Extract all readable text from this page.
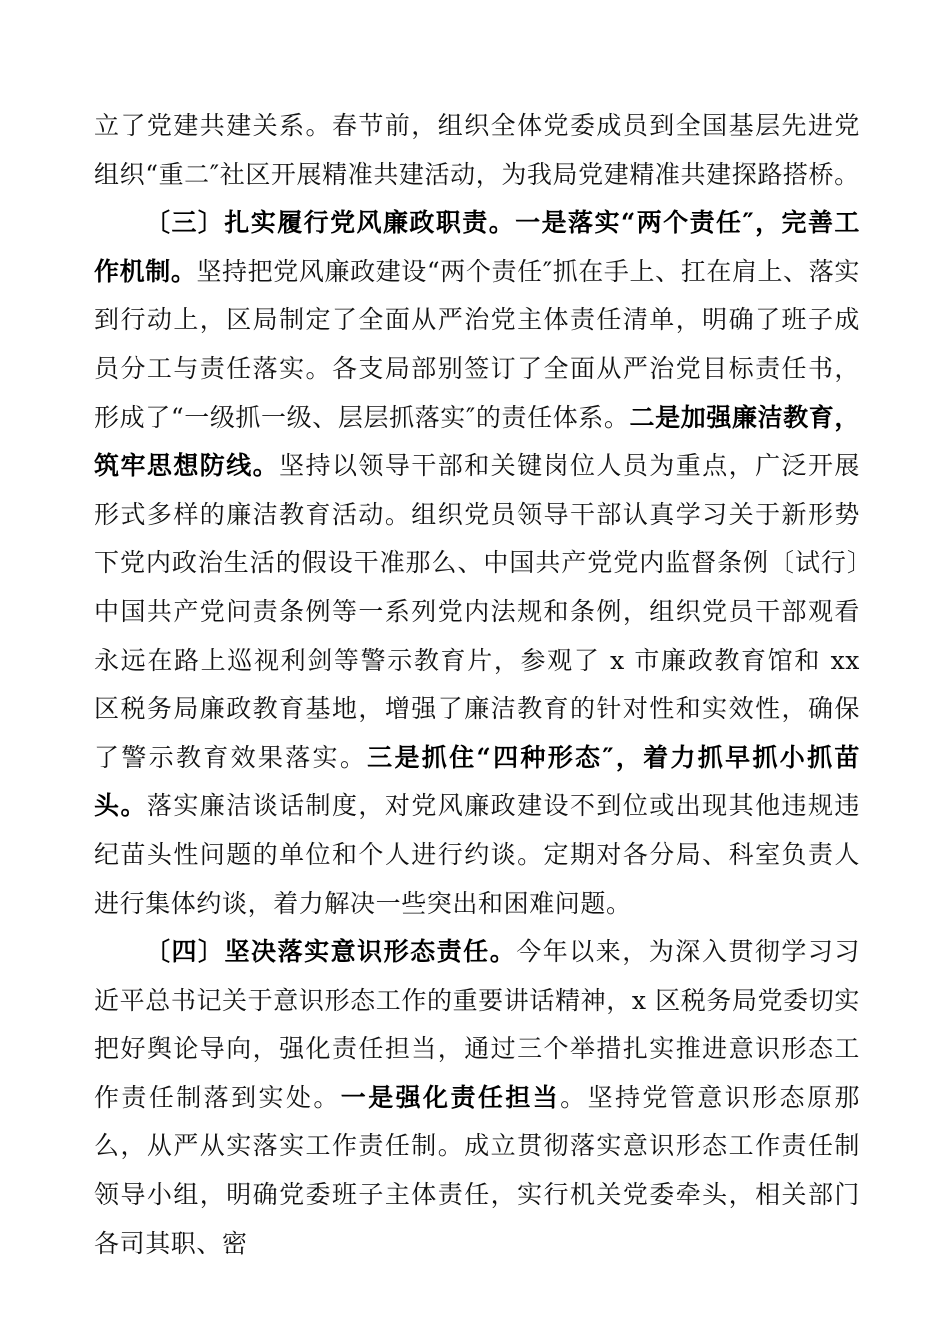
立了党建共建关系。春节前，组织全体党委成员到全国基层先进党组织“重二″社区开展精准共建活动，为我局党建精准共建探路搭桥。

〔三〕扎实履行党风廉政职责。一是落实“两个责任″，完善工作机制。坚持把党风廉政建设“两个责任″抓在手上、扛在肩上、落实到行动上，区局制定了全面从严治党主体责任清单，明确了班子成员分工与责任落实。各支局部别签订了全面从严治党目标责任书，形成了“一级抓一级、层层抓落实″的责任体系。二是加强廉洁教育，筑牢思想防线。坚持以领导干部和关键岗位人员为重点，广泛开展形式多样的廉洁教育活动。组织党员领导干部认真学习关于新形势下党内政治生活的假设干准那么、中国共产党党内监督条例〔试行〕中国共产党问责条例等一系列党内法规和条例，组织党员干部观看永远在路上巡视利剑等警示教育片，参观了 x 市廉政教育馆和 xx 区税务局廉政教育基地，增强了廉洁教育的针对性和实效性，确保了警示教育效果落实。三是抓住“四种形态″，着力抓早抓小抓苗头。落实廉洁谈话制度，对党风廉政建设不到位或出现其他违规违纪苗头性问题的单位和个人进行约谈。定期对各分局、科室负责人进行集体约谈，着力解决一些突出和困难问题。

〔四〕坚决落实意识形态责任。今年以来，为深入贯彻学习习近平总书记关于意识形态工作的重要讲话精神，x 区税务局党委切实把好舆论导向，强化责任担当，通过三个举措扎实推进意识形态工作责任制落到实处。一是强化责任担当。坚持党管意识形态原那么，从严从实落实工作责任制。成立贯彻落实意识形态工作责任制领导小组，明确党委班子主体责任，实行机关党委牵头，相关部门各司其职、密
